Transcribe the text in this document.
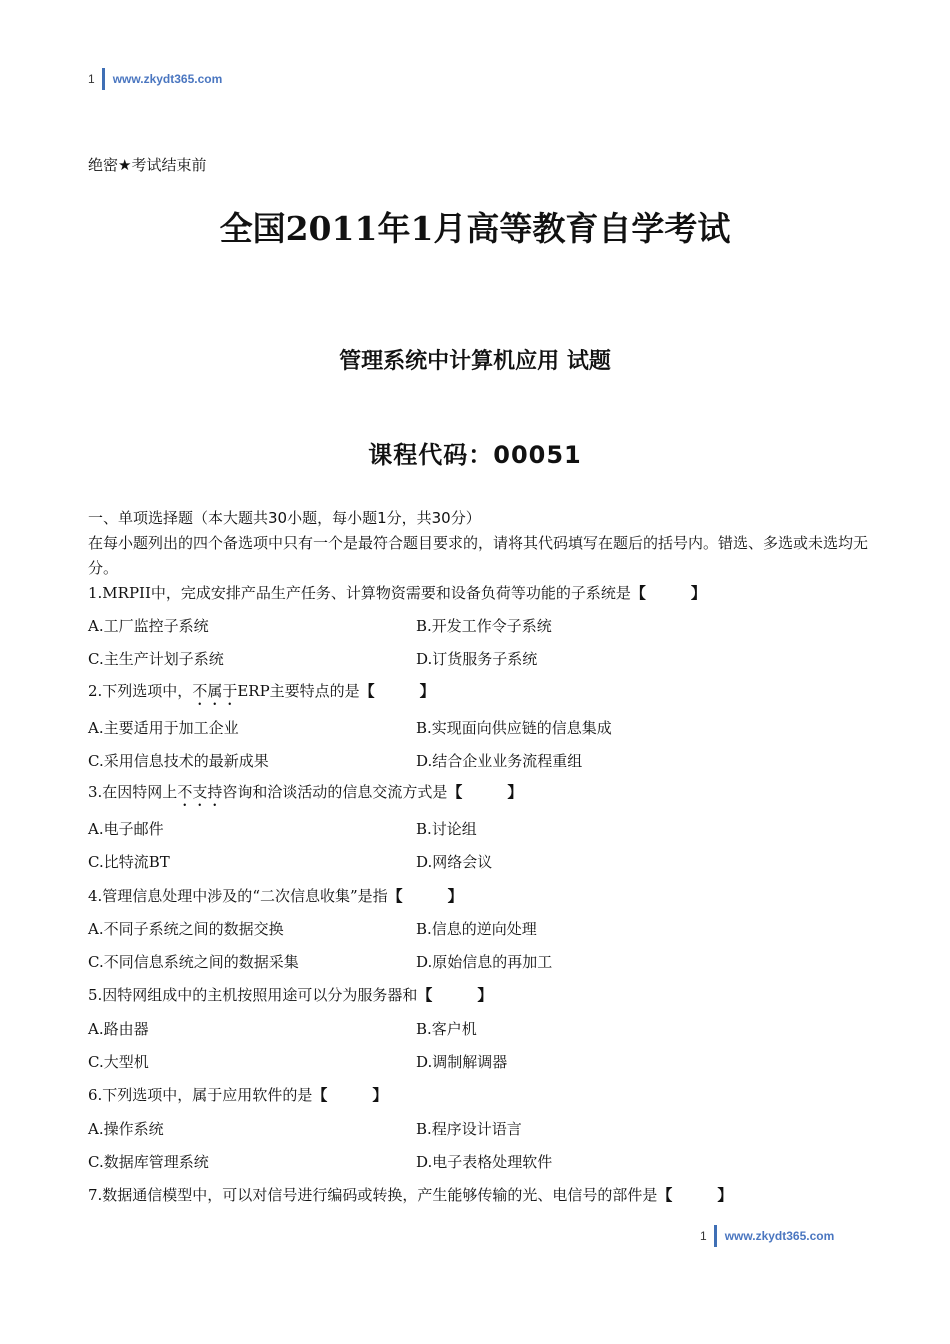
1 www.zkydt365.com
绝密★考试结束前
全国2011年1月高等教育自学考试
管理系统中计算机应用 试题
课程代码：00051
一、单项选择题（本大题共30小题，每小题1分，共30分）
在每小题列出的四个备选项中只有一个是最符合题目要求的，请将其代码填写在题后的括号内。错选、多选或未选均无分。
1.MRPII中，完成安排产品生产任务、计算物资需要和设备负荷等功能的子系统是【　　　】
A.工厂监控子系统	B.开发工作令子系统
C.主生产计划子系统	D.订货服务子系统
2.下列选项中，不属于ERP主要特点的是【　　　】
A.主要适用于加工企业	B.实现面向供应链的信息集成
C.采用信息技术的最新成果	D.结合企业业务流程重组
3.在因特网上不支持咨询和洽谈活动的信息交流方式是【　　　】
A.电子邮件	B.讨论组
C.比特流BT	D.网络会议
4.管理信息处理中涉及的“二次信息收集”是指【　　　】
A.不同子系统之间的数据交换	B.信息的逆向处理
C.不同信息系统之间的数据采集	D.原始信息的再加工
5.因特网组成中的主机按照用途可以分为服务器和【　　　】
A.路由器	B.客户机
C.大型机	D.调制解调器
6.下列选项中，属于应用软件的是【　　　】
A.操作系统	B.程序设计语言
C.数据库管理系统	D.电子表格处理软件
7.数据通信模型中，可以对信号进行编码或转换，产生能够传输的光、电信号的部件是【　　　】
1 www.zkydt365.com
